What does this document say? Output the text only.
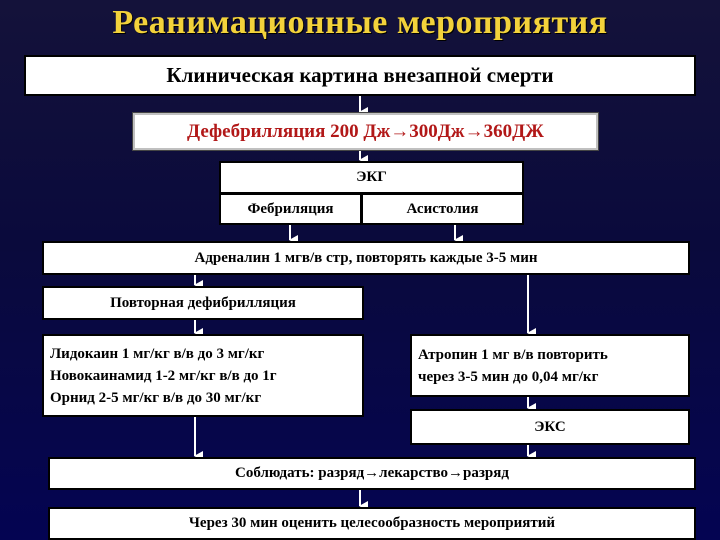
Реанимационные мероприятия
Клиническая картина внезапной смерти
Дефебрилляция 200 Дж→300Дж→360ДЖ
ЭКГ
Фебриляция	Асистолия
Адреналин 1 мгв/в стр, повторять каждые 3-5 мин
Повторная дефибрилляция
Лидокаин 1 мг/кг в/в до 3 мг/кг
Новокаинамид 1-2 мг/кг в/в до 1г
Орнид 2-5 мг/кг в/в до 30 мг/кг
Атропин 1 мг в/в повторить
через 3-5 мин до 0,04 мг/кг
ЭКС
Соблюдать: разряд→лекарство→разряд
Через 30 мин оценить целесообразность мероприятий
